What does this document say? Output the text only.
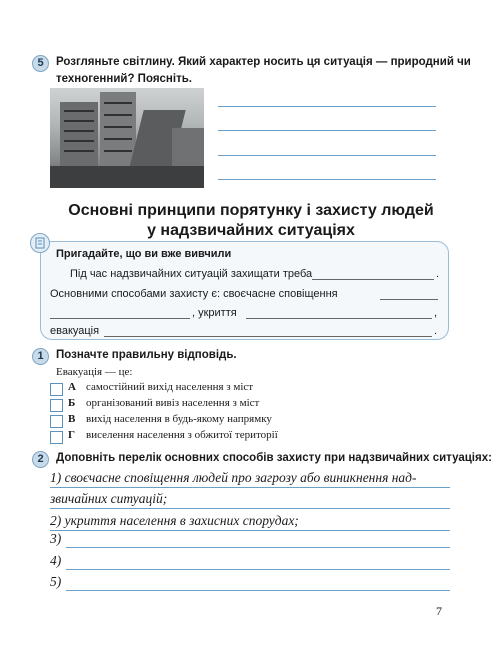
5	Розгляньте світлину. Який характер носить ця ситуація — природний чи
техногенний? Поясніть.
Основні принципи порятунку і захисту людей
у надзвичайних ситуаціях
Пригадайте, що ви вже вивчили
Під час надзвичайних ситуацій захищати треба	.
Основними способами захисту є: своєчасне сповіщення
, укриття	,
евакуація	.
1	Позначте правильну відповідь.
Евакуація — це:
А самостійний вихід населення з міст
Б організований вивіз населення з міст
В вихід населення в будь-якому напрямку
Г виселення населення з обжитої території
2	Доповніть перелік основних способів захисту при надзвичайних ситуаціях:
1) своєчасне сповіщення людей про загрозу або виникнення над-
звичайних ситуацій;
2) укриття населення в захисних спорудах;
3)
4)
5)
7
